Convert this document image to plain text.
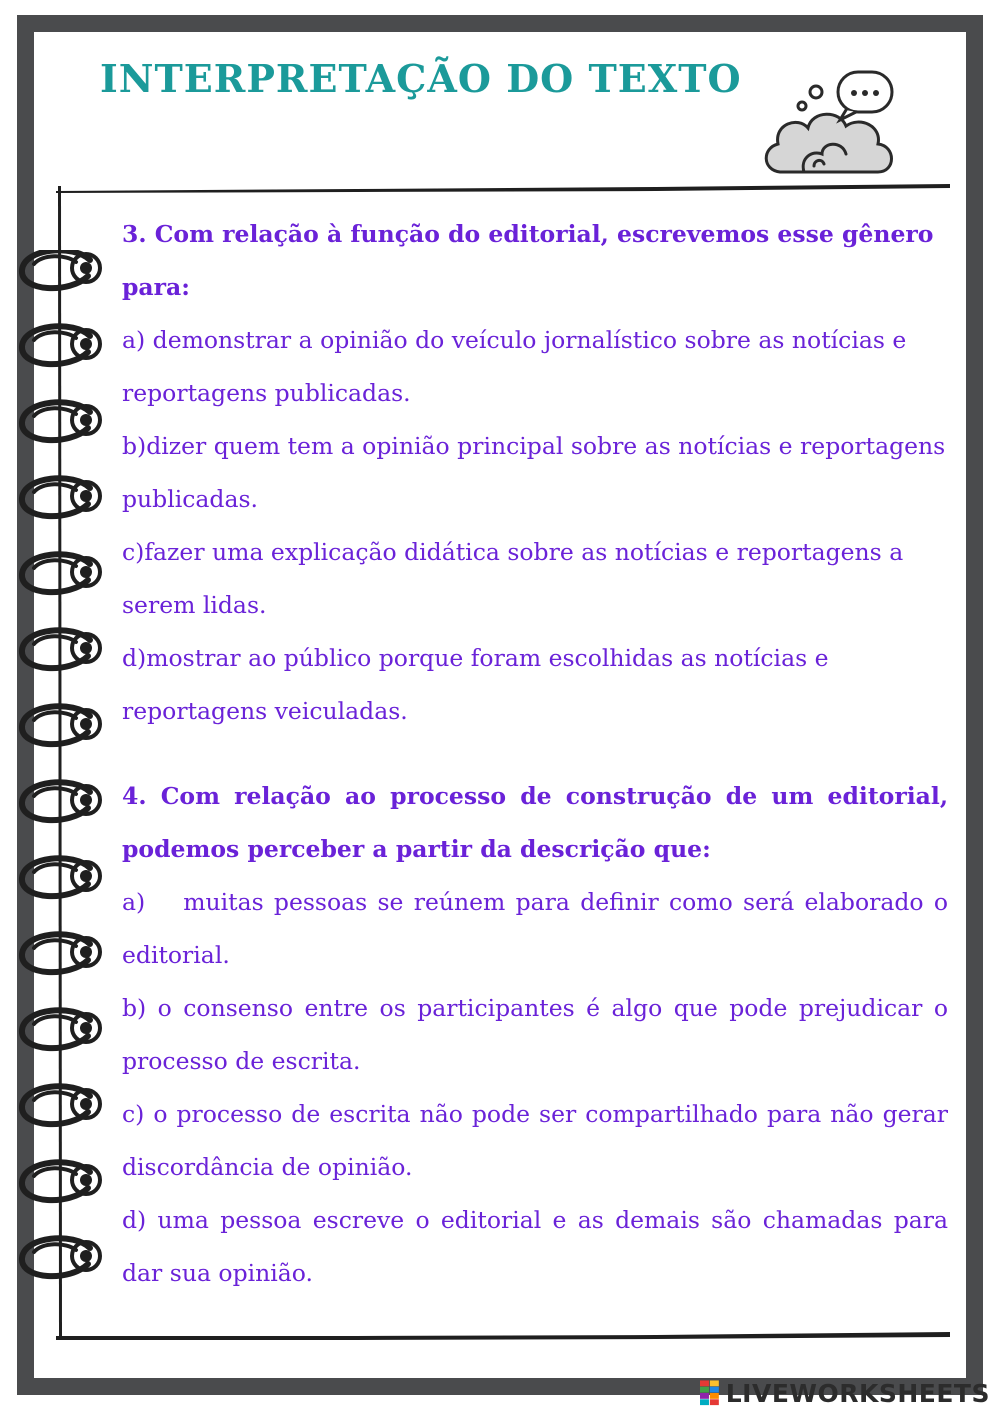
INTERPRETAÇÃO DO TEXTO

3. Com relação à função do editorial, escrevemos esse gênero para:

a) demonstrar a opinião do veículo jornalístico sobre as notícias e reportagens publicadas.

b)dizer quem tem a opinião principal sobre as notícias e reportagens publicadas.

c)fazer uma explicação didática sobre as notícias e reportagens a serem lidas.

d)mostrar ao público porque foram escolhidas as notícias e reportagens veiculadas.

4. Com relação ao processo de construção de um editorial, podemos perceber a partir da descrição que:

a) muitas pessoas se reúnem para definir como será elaborado o editorial.

b) o consenso entre os participantes é algo que pode prejudicar o processo de escrita.

c) o processo de escrita não pode ser compartilhado para não gerar discordância de opinião.

d) uma pessoa escreve o editorial e as demais são chamadas para dar sua opinião.

LIVEWORKSHEETS
